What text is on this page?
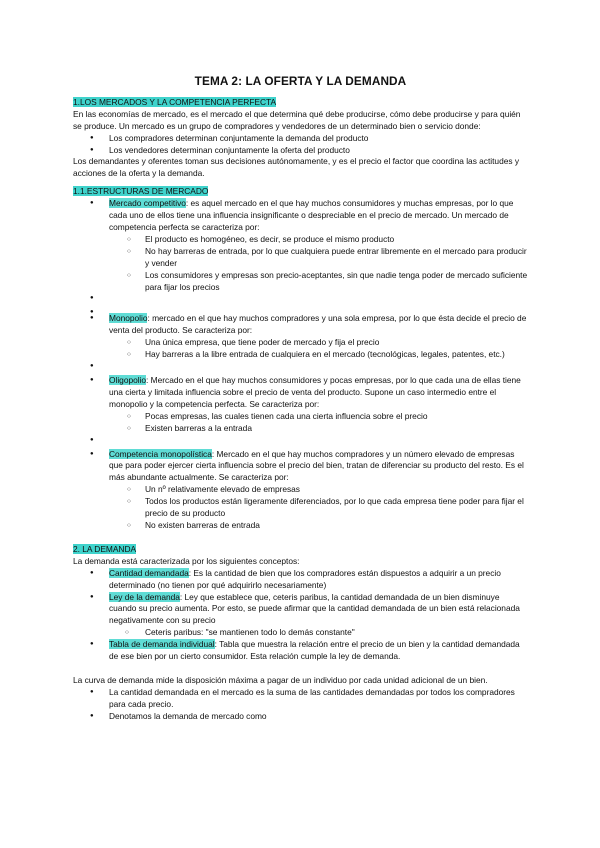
TEMA 2: LA OFERTA Y LA DEMANDA

1.LOS MERCADOS Y LA COMPETENCIA PERFECTA

En las economías de mercado, es el mercado el que determina qué debe producirse, cómo debe producirse y para quién se produce. Un mercado es un grupo de compradores y vendedores de un determinado bien o servicio donde:

● Los compradores determinan conjuntamente la demanda del producto
● Los vendedores determinan conjuntamente la oferta del producto

Los demandantes y oferentes toman sus decisiones autónomamente, y es el precio el factor que coordina las actitudes y acciones de la oferta y la demanda.

1.1.ESTRUCTURAS DE MERCADO

● Mercado competitivo: es aquel mercado en el que hay muchos consumidores y muchas empresas, por lo que cada uno de ellos tiene una influencia insignificante o despreciable en el precio de mercado. Un mercado de competencia perfecta se caracteriza por:
○ El producto es homogéneo, es decir, se produce el mismo producto
○ No hay barreras de entrada, por lo que cualquiera puede entrar libremente en el mercado para producir y vender
○ Los consumidores y empresas son precio-aceptantes, sin que nadie tenga poder de mercado suficiente para fijar los precios
●
●
● Monopolio: mercado en el que hay muchos compradores y una sola empresa, por lo que ésta decide el precio de venta del producto. Se caracteriza por:
○ Una única empresa, que tiene poder de mercado y fija el precio
○ Hay barreras a la libre entrada de cualquiera en el mercado (tecnológicas, legales, patentes, etc.)
●
● Oligopolio: Mercado en el que hay muchos consumidores y pocas empresas, por lo que cada una de ellas tiene una cierta y limitada influencia sobre el precio de venta del producto. Supone un caso intermedio entre el monopolio y la competencia perfecta. Se caracteriza por:
○ Pocas empresas, las cuales tienen cada una cierta influencia sobre el precio
○ Existen barreras a la entrada
●
● Competencia monopolística: Mercado en el que hay muchos compradores y un número elevado de empresas que para poder ejercer cierta influencia sobre el precio del bien, tratan de diferenciar su producto del resto. Es el más abundante actualmente. Se caracteriza por:
○ Un nº relativamente elevado de empresas
○ Todos los productos están ligeramente diferenciados, por lo que cada empresa tiene poder para fijar el precio de su producto
○ No existen barreras de entrada

2. LA DEMANDA

La demanda está caracterizada por los siguientes conceptos:

● Cantidad demandada: Es la cantidad de bien que los compradores están dispuestos a adquirir a un precio determinado (no tienen por qué adquirirlo necesariamente)
● Ley de la demanda: Ley que establece que, ceteris paribus, la cantidad demandada de un bien disminuye cuando su precio aumenta. Por esto, se puede afirmar que la cantidad demandada de un bien está relacionada negativamente con su precio
○ Ceteris paribus: "se mantienen todo lo demás constante"
● Tabla de demanda individual: Tabla que muestra la relación entre el precio de un bien y la cantidad demandada de ese bien por un cierto consumidor. Esta relación cumple la ley de demanda.

La curva de demanda mide la disposición máxima a pagar de un individuo por cada unidad adicional de un bien.

● La cantidad demandada en el mercado es la suma de las cantidades demandadas por todos los compradores para cada precio.
● Denotamos la demanda de mercado como
